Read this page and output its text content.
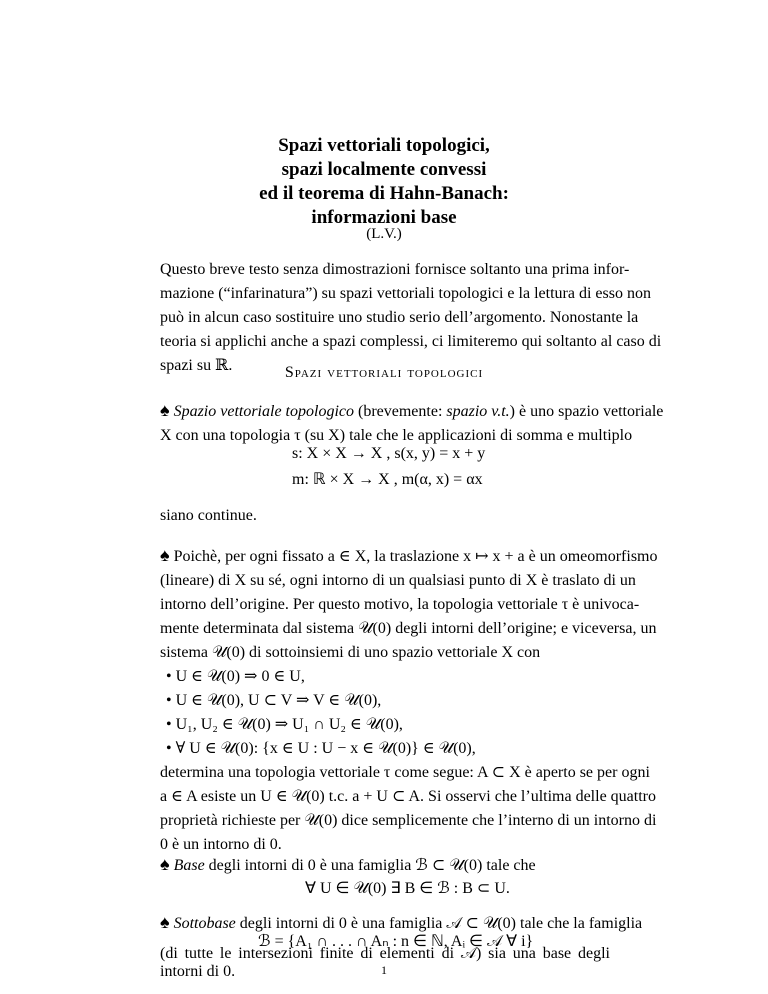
Spazi vettoriali topologici,
spazi localmente convessi
ed il teorema di Hahn-Banach:
informazioni base
(L.V.)
Questo breve testo senza dimostrazioni fornisce soltanto una prima infor-
mazione (“infarinatura”) su spazi vettoriali topologici e la lettura di esso non
può in alcun caso sostituire uno studio serio dell’argomento. Nonostante la
teoria si applichi anche a spazi complessi, ci limiteremo qui soltanto al caso di
spazi su ℝ.	Spazi vettoriali topologici
♠ Spazio vettoriale topologico (brevemente: spazio v.t.) è uno spazio vettoriale
X con una topologia τ (su X) tale che le applicazioni di somma e multiplo
s: X × X → X , s(x, y) = x + y
m: ℝ × X → X , m(α, x) = αx
siano continue.
♠ Poichè, per ogni fissato a ∈ X, la traslazione x ↦ x + a è un omeomorfismo
(lineare) di X su sé, ogni intorno di un qualsiasi punto di X è traslato di un
intorno dell’origine. Per questo motivo, la topologia vettoriale τ è univoca-
mente determinata dal sistema 𝒰(0) degli intorni dell’origine; e viceversa, un
sistema 𝒰(0) di sottoinsiemi di uno spazio vettoriale X con
• U ∈ 𝒰(0) ⇒ 0 ∈ U,
• U ∈ 𝒰(0), U ⊂ V ⇒ V ∈ 𝒰(0),
• U₁, U₂ ∈ 𝒰(0) ⇒ U₁ ∩ U₂ ∈ 𝒰(0),
• ∀ U ∈ 𝒰(0): {x ∈ U : U − x ∈ 𝒰(0)} ∈ 𝒰(0),
determina una topologia vettoriale τ come segue: A ⊂ X è aperto se per ogni
a ∈ A esiste un U ∈ 𝒰(0) t.c. a + U ⊂ A. Si osservi che l’ultima delle quattro
proprietà richieste per 𝒰(0) dice semplicemente che l’interno di un intorno di
0 è un intorno di 0.
♠ Base degli intorni di 0 è una famiglia ℬ ⊂ 𝒰(0) tale che
∀ U ∈ 𝒰(0) ∃ B ∈ ℬ : B ⊂ U.
♠ Sottobase degli intorni di 0 è una famiglia 𝒜 ⊂ 𝒰(0) tale che la famiglia
ℬ = {A₁ ∩ . . . ∩ Aₙ : n ∈ ℕ, Aᵢ ∈ 𝒜 ∀ i}
(di tutte le intersezioni finite di elementi di 𝒜) sia una base degli intorni di 0.	1
